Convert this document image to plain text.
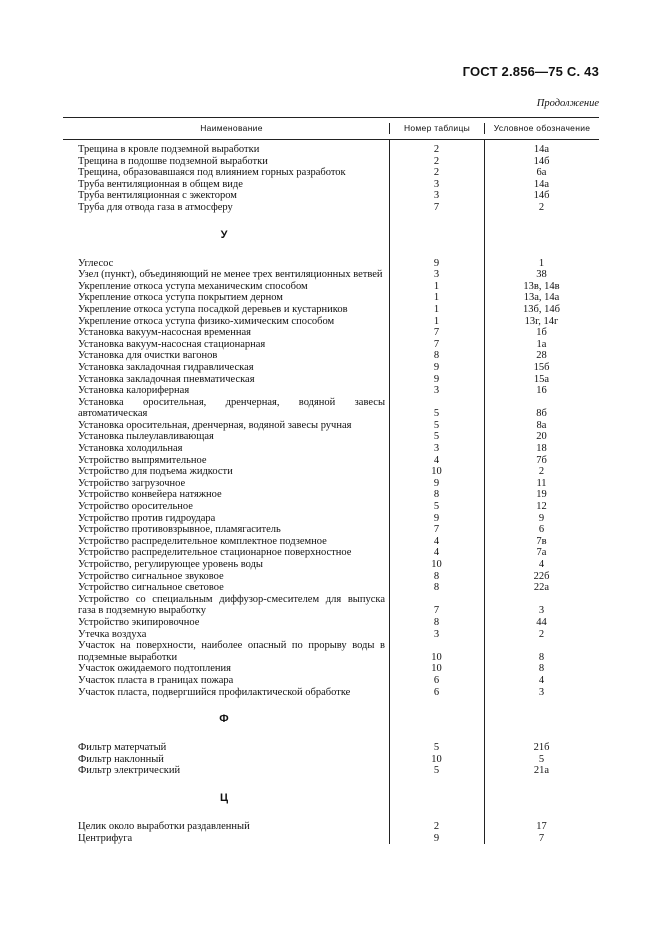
ГОСТ 2.856—75 С. 43
Продолжение
Наименование	Номер таблицы	Условное обозначение
Трещина в кровле подземной выработки	2	14а
Трещина в подошве подземной выработки	2	14б
Трещина, образовавшаяся под влиянием горных разработок	2	6а
Труба вентиляционная в общем виде	3	14а
Труба вентиляционная с эжектором	3	14б
Труба для отвода газа в атмосферу	7	2
У
Углесос	9	1
Узел (пункт), объединяющий не менее трех вентиляционных ветвей	3	38
Укрепление откоса уступа механическим способом	1	13в, 14в
Укрепление откоса уступа покрытием дерном	1	13а, 14а
Укрепление откоса уступа посадкой деревьев и кустарников	1	13б, 14б
Укрепление откоса уступа физико-химическим способом	1	13г, 14г
Установка вакуум-насосная временная	7	1б
Установка вакуум-насосная стационарная	7	1а
Установка для очистки вагонов	8	28
Установка закладочная гидравлическая	9	15б
Установка закладочная пневматическая	9	15а
Установка калориферная	3	16
Установка оросительная, дренчерная, водяной завесы автоматическая	5	8б
Установка оросительная, дренчерная, водяной завесы ручная	5	8а
Установка пылеулавливающая	5	20
Установка холодильная	3	18
Устройство выпрямительное	4	7б
Устройство для подъема жидкости	10	2
Устройство загрузочное	9	11
Устройство конвейера натяжное	8	19
Устройство оросительное	5	12
Устройство против гидроудара	9	9
Устройство противовзрывное, пламягаситель	7	6
Устройство распределительное комплектное подземное	4	7в
Устройство распределительное стационарное поверхностное	4	7а
Устройство, регулирующее уровень воды	10	4
Устройство сигнальное звуковое	8	22б
Устройство сигнальное световое	8	22а
Устройство со специальным диффузор-смесителем для выпуска газа в подземную выработку	7	3
Устройство экипировочное	8	44
Утечка воздуха	3	2
Участок на поверхности, наиболее опасный по прорыву воды в подземные выработки	10	8
Участок ожидаемого подтопления	10	8
Участок пласта в границах пожара	6	4
Участок пласта, подвергшийся профилактической обработке	6	3
Ф
Фильтр матерчатый	5	21б
Фильтр наклонный	10	5
Фильтр электрический	5	21а
Ц
Целик около выработки раздавленный	2	17
Центрифуга	9	7
